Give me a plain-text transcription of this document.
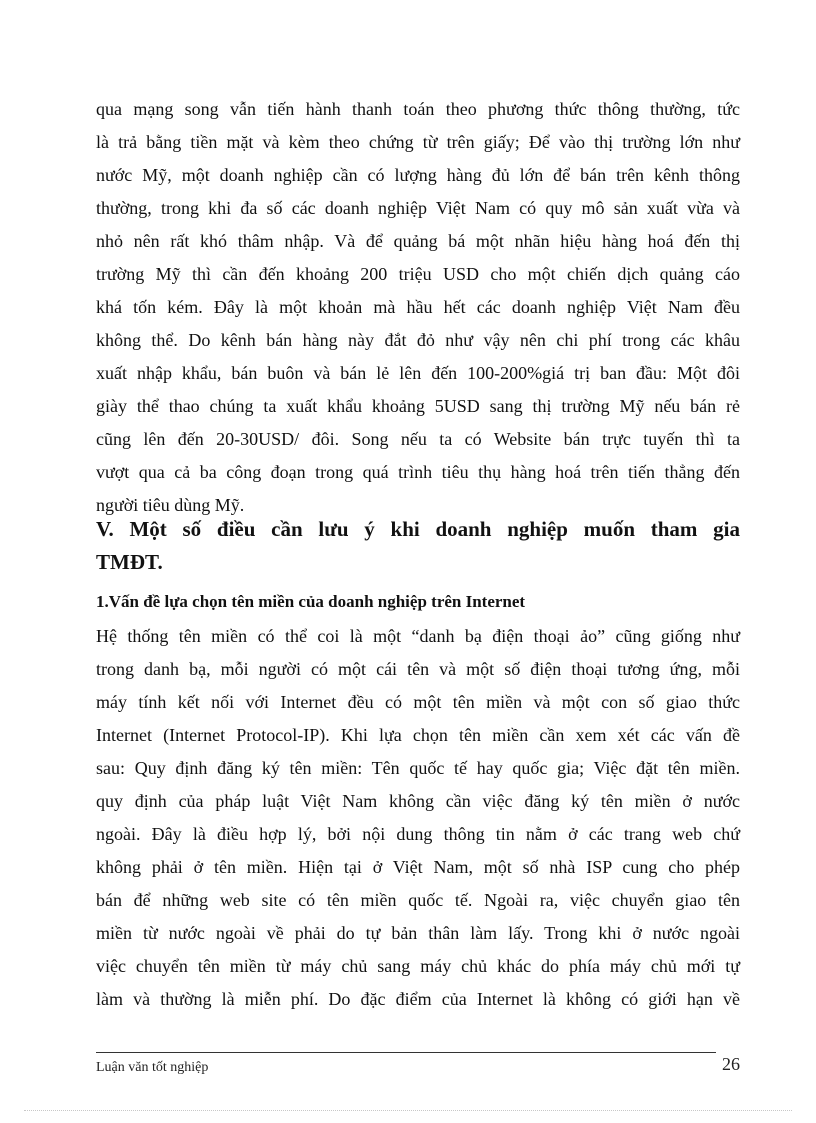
qua mạng song vẫn tiến hành thanh toán theo phương thức thông thường, tức
là trả bằng tiền mặt và kèm theo chứng từ trên giấy; Để vào thị trường lớn như
nước Mỹ, một doanh nghiệp cần có lượng hàng đủ lớn để bán trên kênh thông
thường, trong khi đa số các doanh nghiệp Việt Nam có quy mô sản xuất vừa và
nhỏ nên rất khó thâm nhập. Và để quảng bá một nhãn hiệu hàng hoá đến thị
trường Mỹ thì cần đến khoảng 200 triệu USD cho một chiến dịch quảng cáo
khá tốn kém. Đây là một khoản mà hầu hết các doanh nghiệp Việt Nam đều
không thể. Do kênh bán hàng này đắt đỏ như vậy nên chi phí trong các khâu
xuất nhập khẩu, bán buôn và bán lẻ lên đến 100-200%giá trị ban đầu: Một đôi
giày thể thao chúng ta xuất khẩu khoảng 5USD sang thị trường Mỹ nếu bán rẻ
cũng lên đến 20-30USD/ đôi. Song nếu ta có Website bán trực tuyến thì ta
vượt qua cả ba công đoạn trong quá trình tiêu thụ hàng hoá trên tiến thẳng đến
người tiêu dùng Mỹ.
V. Một số điều cần lưu ý khi doanh nghiệp muốn tham gia
TMĐT.
1.Vấn đề lựa chọn tên miền của doanh nghiệp trên Internet
Hệ thống tên miền có thể coi là một “danh bạ điện thoại ảo” cũng giống như
trong danh bạ, mỗi người có một cái tên và một số điện thoại tương ứng, mỗi
máy tính kết nối với Internet đều có một tên miền và một con số giao thức
Internet (Internet Protocol-IP). Khi lựa chọn tên miền cần xem xét các vấn đề
sau: Quy định đăng ký tên miền: Tên quốc tế hay quốc gia; Việc đặt tên miền.
quy định của pháp luật Việt Nam không cần việc đăng ký tên miền ở nước
ngoài. Đây là điều hợp lý, bởi nội dung thông tin nằm ở các trang web chứ
không phải ở tên miền. Hiện tại ở Việt Nam, một số nhà ISP cung cho phép
bán để những web site có tên miền quốc tế. Ngoài ra, việc chuyển giao tên
miền từ nước ngoài về phải do tự bản thân làm lấy. Trong khi ở nước ngoài
việc chuyển tên miền từ máy chủ sang máy chủ khác do phía máy chủ mới tự
làm và thường là miễn phí. Do đặc điểm của Internet là không có giới hạn về
Luận văn tốt nghiệp	26
